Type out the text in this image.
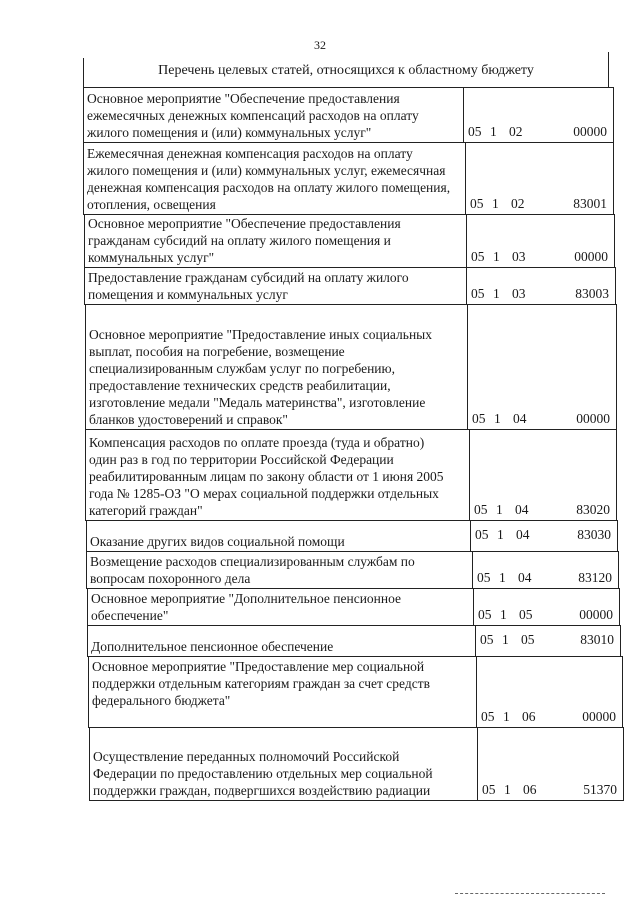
32
Перечень целевых статей, относящихся к областному бюджету
Основное мероприятие "Обеспечение предоставления
ежемесячных денежных компенсаций расходов на оплату
жилого помещения и (или) коммунальных услуг"	05 1 02	00000
Ежемесячная денежная компенсация расходов на оплату
жилого помещения и (или) коммунальных услуг, ежемесячная
денежная компенсация расходов на оплату жилого помещения,
отопления, освещения	05 1 02	83001
Основное мероприятие "Обеспечение предоставления
гражданам субсидий на оплату жилого помещения и
коммунальных услуг"	05 1 03	00000
Предоставление гражданам субсидий на оплату жилого
помещения и коммунальных услуг	05 1 03	83003
Основное мероприятие "Предоставление иных социальных
выплат, пособия на погребение, возмещение
специализированным службам услуг по погребению,
предоставление технических средств реабилитации,
изготовление медали "Медаль материнства", изготовление
бланков удостоверений и справок"	05 1 04	00000
Компенсация расходов по оплате проезда (туда и обратно)
один раз в год по территории Российской Федерации
реабилитированным лицам по закону области от 1 июня 2005
года № 1285-ОЗ "О мерах социальной поддержки отдельных
категорий граждан"	05 1 04	83020
Оказание других видов социальной помощи	05 1 04	83030
Возмещение расходов специализированным службам по
вопросам похоронного дела	05 1 04	83120
Основное мероприятие "Дополнительное пенсионное
обеспечение"	05 1 05	00000
Дополнительное пенсионное обеспечение	05 1 05	83010
Основное мероприятие "Предоставление мер социальной
поддержки отдельным категориям граждан за счет средств
федерального бюджета"
05 1 06	00000
Осуществление переданных полномочий Российской
Федерации по предоставлению отдельных мер социальной
поддержки граждан, подвергшихся воздействию радиации	05 1 06	51370
